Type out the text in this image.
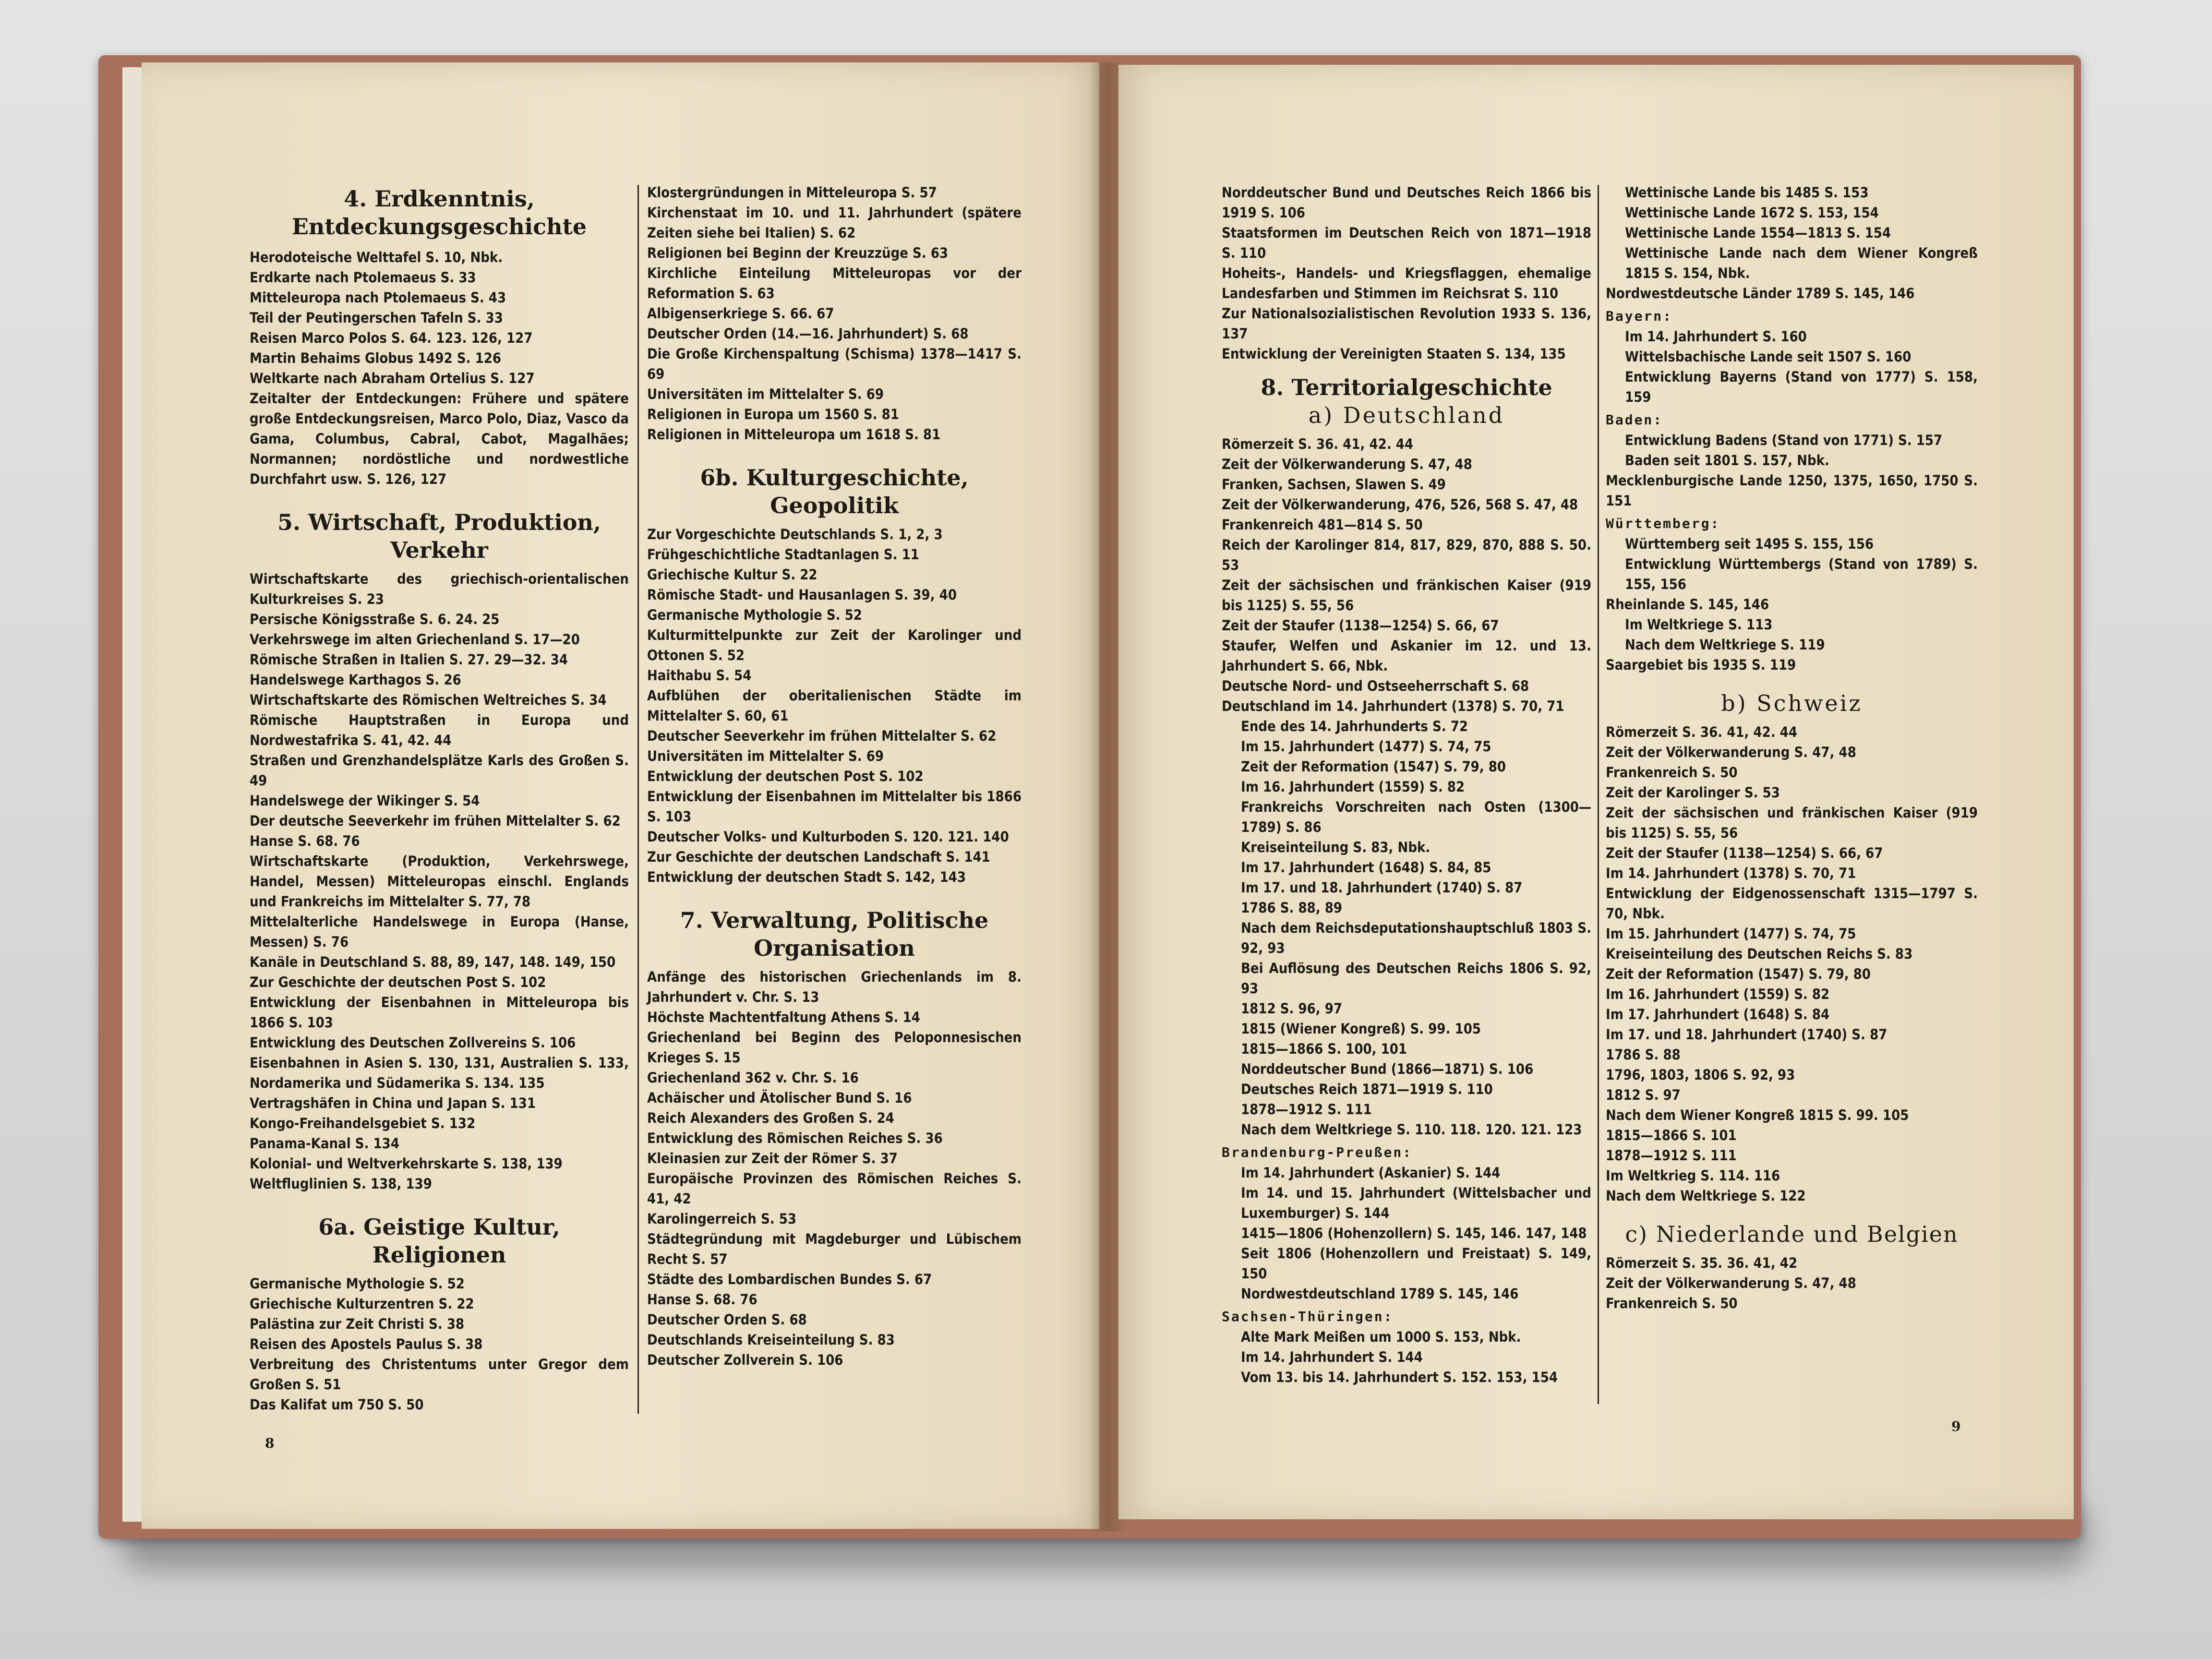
4. Erdkenntnis, Entdeckungsgeschichte

Herodoteische Welttafel S. 10, Nbk.

Erdkarte nach Ptolemaeus S. 33

Mitteleuropa nach Ptolemaeus S. 43

Teil der Peutingerschen Tafeln S. 33

Reisen Marco Polos S. 64. 123. 126, 127

Martin Behaims Globus 1492 S. 126

Weltkarte nach Abraham Ortelius S. 127

Zeitalter der Entdeckungen: Frühere und spätere große Entdeckungsreisen, Marco Polo, Diaz, Vasco da Gama, Columbus, Cabral, Cabot, Magalhães; Normannen; nordöstliche und nordwestliche Durchfahrt usw. S. 126, 127

5. Wirtschaft, Produktion, Verkehr

Wirtschaftskarte des griechisch-orientalischen Kulturkreises S. 23

Persische Königsstraße S. 6. 24. 25

Verkehrswege im alten Griechenland S. 17—20

Römische Straßen in Italien S. 27. 29—32. 34

Handelswege Karthagos S. 26

Wirtschaftskarte des Römischen Weltreiches S. 34

Römische Hauptstraßen in Europa und Nordwestafrika S. 41, 42. 44

Straßen und Grenzhandelsplätze Karls des Großen S. 49

Handelswege der Wikinger S. 54

Der deutsche Seeverkehr im frühen Mittelalter S. 62

Hanse S. 68. 76

Wirtschaftskarte (Produktion, Verkehrswege, Handel, Messen) Mitteleuropas einschl. Englands und Frankreichs im Mittelalter S. 77, 78

Mittelalterliche Handelswege in Europa (Hanse, Messen) S. 76

Kanäle in Deutschland S. 88, 89, 147, 148. 149, 150

Zur Geschichte der deutschen Post S. 102

Entwicklung der Eisenbahnen in Mitteleuropa bis 1866 S. 103

Entwicklung des Deutschen Zollvereins S. 106

Eisenbahnen in Asien S. 130, 131, Australien S. 133, Nordamerika und Südamerika S. 134. 135

Vertragshäfen in China und Japan S. 131

Kongo-Freihandelsgebiet S. 132

Panama-Kanal S. 134

Kolonial- und Weltverkehrskarte S. 138, 139

Weltfluglinien S. 138, 139

6a. Geistige Kultur, Religionen

Germanische Mythologie S. 52

Griechische Kulturzentren S. 22

Palästina zur Zeit Christi S. 38

Reisen des Apostels Paulus S. 38

Verbreitung des Christentums unter Gregor dem Großen S. 51

Das Kalifat um 750 S. 50

Klostergründungen in Mitteleuropa S. 57

Kirchenstaat im 10. und 11. Jahrhundert (spätere Zeiten siehe bei Italien) S. 62

Religionen bei Beginn der Kreuzzüge S. 63

Kirchliche Einteilung Mitteleuropas vor der Reformation S. 63

Albigenserkriege S. 66. 67

Deutscher Orden (14.—16. Jahrhundert) S. 68

Die Große Kirchenspaltung (Schisma) 1378—1417 S. 69

Universitäten im Mittelalter S. 69

Religionen in Europa um 1560 S. 81

Religionen in Mitteleuropa um 1618 S. 81

6b. Kulturgeschichte, Geopolitik

Zur Vorgeschichte Deutschlands S. 1, 2, 3

Frühgeschichtliche Stadtanlagen S. 11

Griechische Kultur S. 22

Römische Stadt- und Hausanlagen S. 39, 40

Germanische Mythologie S. 52

Kulturmittelpunkte zur Zeit der Karolinger und Ottonen S. 52

Haithabu S. 54

Aufblühen der oberitalienischen Städte im Mittelalter S. 60, 61

Deutscher Seeverkehr im frühen Mittelalter S. 62

Universitäten im Mittelalter S. 69

Entwicklung der deutschen Post S. 102

Entwicklung der Eisenbahnen im Mittelalter bis 1866 S. 103

Deutscher Volks- und Kulturboden S. 120. 121. 140

Zur Geschichte der deutschen Landschaft S. 141

Entwicklung der deutschen Stadt S. 142, 143

7. Verwaltung, Politische Organisation

Anfänge des historischen Griechenlands im 8. Jahrhundert v. Chr. S. 13

Höchste Machtentfaltung Athens S. 14

Griechenland bei Beginn des Peloponnesischen Krieges S. 15

Griechenland 362 v. Chr. S. 16

Achäischer und Ätolischer Bund S. 16

Reich Alexanders des Großen S. 24

Entwicklung des Römischen Reiches S. 36

Kleinasien zur Zeit der Römer S. 37

Europäische Provinzen des Römischen Reiches S. 41, 42

Karolingerreich S. 53

Städtegründung mit Magdeburger und Lübischem Recht S. 57

Städte des Lombardischen Bundes S. 67

Hanse S. 68. 76

Deutscher Orden S. 68

Deutschlands Kreiseinteilung S. 83

Deutscher Zollverein S. 106

8

Norddeutscher Bund und Deutsches Reich 1866 bis 1919 S. 106

Staatsformen im Deutschen Reich von 1871—1918 S. 110

Hoheits-, Handels- und Kriegsflaggen, ehemalige Landesfarben und Stimmen im Reichsrat S. 110

Zur Nationalsozialistischen Revolution 1933 S. 136, 137

Entwicklung der Vereinigten Staaten S. 134, 135

8. Territorialgeschichte

a) Deutschland

Römerzeit S. 36. 41, 42. 44

Zeit der Völkerwanderung S. 47, 48

Franken, Sachsen, Slawen S. 49

Zeit der Völkerwanderung, 476, 526, 568 S. 47, 48

Frankenreich 481—814 S. 50

Reich der Karolinger 814, 817, 829, 870, 888 S. 50. 53

Zeit der sächsischen und fränkischen Kaiser (919 bis 1125) S. 55, 56

Zeit der Staufer (1138—1254) S. 66, 67

Staufer, Welfen und Askanier im 12. und 13. Jahrhundert S. 66, Nbk.

Deutsche Nord- und Ostseeherrschaft S. 68

Deutschland im 14. Jahrhundert (1378) S. 70, 71

Ende des 14. Jahrhunderts S. 72

Im 15. Jahrhundert (1477) S. 74, 75

Zeit der Reformation (1547) S. 79, 80

Im 16. Jahrhundert (1559) S. 82

Frankreichs Vorschreiten nach Osten (1300—1789) S. 86

Kreiseinteilung S. 83, Nbk.

Im 17. Jahrhundert (1648) S. 84, 85

Im 17. und 18. Jahrhundert (1740) S. 87

1786 S. 88, 89

Nach dem Reichsdeputationshauptschluß 1803 S. 92, 93

Bei Auflösung des Deutschen Reichs 1806 S. 92, 93

1812 S. 96, 97

1815 (Wiener Kongreß) S. 99. 105

1815—1866 S. 100, 101

Norddeutscher Bund (1866—1871) S. 106

Deutsches Reich 1871—1919 S. 110

1878—1912 S. 111

Nach dem Weltkriege S. 110. 118. 120. 121. 123

Brandenburg-Preußen:

Im 14. Jahrhundert (Askanier) S. 144

Im 14. und 15. Jahrhundert (Wittelsbacher und Luxemburger) S. 144

1415—1806 (Hohenzollern) S. 145, 146. 147, 148

Seit 1806 (Hohenzollern und Freistaat) S. 149, 150

Nordwestdeutschland 1789 S. 145, 146

Sachsen-Thüringen:

Alte Mark Meißen um 1000 S. 153, Nbk.

Im 14. Jahrhundert S. 144

Vom 13. bis 14. Jahrhundert S. 152. 153, 154

Wettinische Lande bis 1485 S. 153

Wettinische Lande 1672 S. 153, 154

Wettinische Lande 1554—1813 S. 154

Wettinische Lande nach dem Wiener Kongreß 1815 S. 154, Nbk.

Nordwestdeutsche Länder 1789 S. 145, 146

Bayern:

Im 14. Jahrhundert S. 160

Wittelsbachische Lande seit 1507 S. 160

Entwicklung Bayerns (Stand von 1777) S. 158, 159

Baden:

Entwicklung Badens (Stand von 1771) S. 157

Baden seit 1801 S. 157, Nbk.

Mecklenburgische Lande 1250, 1375, 1650, 1750 S. 151

Württemberg:

Württemberg seit 1495 S. 155, 156

Entwicklung Württembergs (Stand von 1789) S. 155, 156

Rheinlande S. 145, 146

Im Weltkriege S. 113

Nach dem Weltkriege S. 119

Saargebiet bis 1935 S. 119

b) Schweiz

Römerzeit S. 36. 41, 42. 44

Zeit der Völkerwanderung S. 47, 48

Frankenreich S. 50

Zeit der Karolinger S. 53

Zeit der sächsischen und fränkischen Kaiser (919 bis 1125) S. 55, 56

Zeit der Staufer (1138—1254) S. 66, 67

Im 14. Jahrhundert (1378) S. 70, 71

Entwicklung der Eidgenossenschaft 1315—1797 S. 70, Nbk.

Im 15. Jahrhundert (1477) S. 74, 75

Kreiseinteilung des Deutschen Reichs S. 83

Zeit der Reformation (1547) S. 79, 80

Im 16. Jahrhundert (1559) S. 82

Im 17. Jahrhundert (1648) S. 84

Im 17. und 18. Jahrhundert (1740) S. 87

1786 S. 88

1796, 1803, 1806 S. 92, 93

1812 S. 97

Nach dem Wiener Kongreß 1815 S. 99. 105

1815—1866 S. 101

1878—1912 S. 111

Im Weltkrieg S. 114. 116

Nach dem Weltkriege S. 122

c) Niederlande und Belgien

Römerzeit S. 35. 36. 41, 42

Zeit der Völkerwanderung S. 47, 48

Frankenreich S. 50

9
